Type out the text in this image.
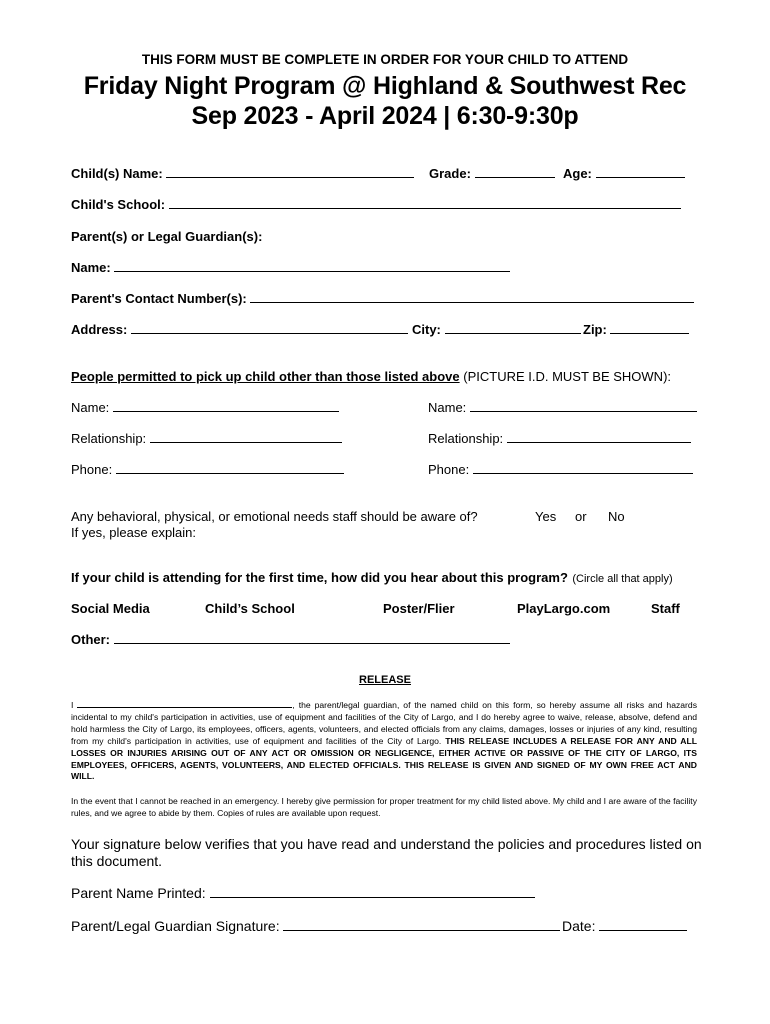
THIS FORM MUST BE COMPLETE IN ORDER FOR YOUR CHILD TO ATTEND
Friday Night Program @ Highland & Southwest Rec
Sep 2023 - April 2024 | 6:30-9:30p
Child(s) Name:	Grade:	Age:
Child's School:
Parent(s) or Legal Guardian(s):
Name:
Parent's Contact Number(s):
Address:	City:	Zip:
People permitted to pick up child other than those listed above (PICTURE I.D. MUST BE SHOWN):
Name:	Name:
Relationship:	Relationship:
Phone:	Phone:
Any behavioral, physical, or emotional needs staff should be aware of?	Yes or No
If yes, please explain:
If your child is attending for the first time, how did you hear about this program? (Circle all that apply)
Social Media	Child’s School	Poster/Flier	PlayLargo.com	Staff
Other:
RELEASE
I	, the parent/legal guardian, of the named child on this form, so hereby assume all risks and hazards incidental to my child's participation in activities, use of equipment and facilities of the City of Largo, and I do hereby agree to waive, release, absolve, defend and hold harmless the City of Largo, its employees, officers, agents, volunteers, and elected officials from any claims, damages, losses or injuries of any kind, resulting from my child's participation in activities, use of equipment and facilities of the City of Largo. THIS RELEASE INCLUDES A RELEASE FOR ANY AND ALL LOSSES OR INJURIES ARISING OUT OF ANY ACT OR OMISSION OR NEGLIGENCE, EITHER ACTIVE OR PASSIVE OF THE CITY OF LARGO, ITS EMPLOYEES, OFFICERS, AGENTS, VOLUNTEERS, AND ELECTED OFFICIALS. THIS RELEASE IS GIVEN AND SIGNED OF MY OWN FREE ACT AND WILL.
In the event that I cannot be reached in an emergency. I hereby give permission for proper treatment for my child listed above. My child and I are aware of the facility rules, and we agree to abide by them. Copies of rules are available upon request.
Your signature below verifies that you have read and understand the policies and procedures listed on this document.
Parent Name Printed:
Parent/Legal Guardian Signature:	Date:
